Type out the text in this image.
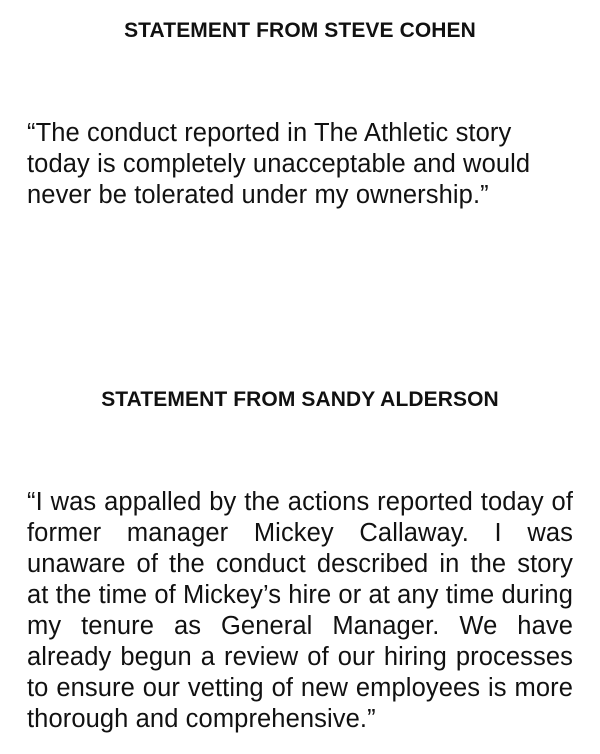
STATEMENT FROM STEVE COHEN

“The conduct reported in The Athletic story today is completely unacceptable and would never be tolerated under my ownership.”

STATEMENT FROM SANDY ALDERSON

“I was appalled by the actions reported today of former manager Mickey Callaway. I was unaware of the conduct described in the story at the time of Mickey’s hire or at any time during my tenure as General Manager. We have already begun a review of our hiring processes to ensure our vetting of new employees is more thorough and comprehensive.”
